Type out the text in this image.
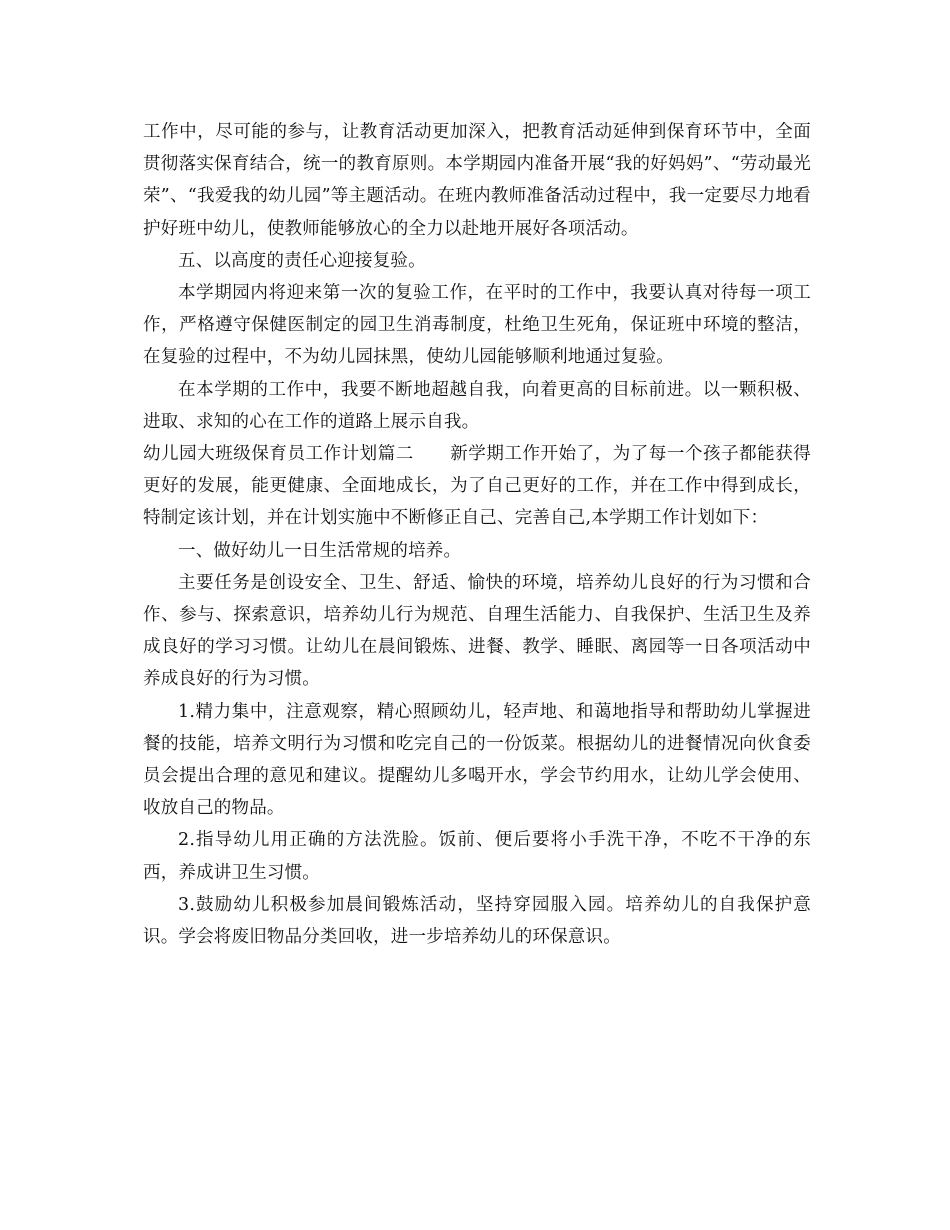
工作中，尽可能的参与，让教育活动更加深入，把教育活动延伸到保育环节中，全面贯彻落实保育结合，统一的教育原则。本学期园内准备开展“我的好妈妈”、“劳动最光荣”、“我爱我的幼儿园”等主题活动。在班内教师准备活动过程中，我一定要尽力地看护好班中幼儿，使教师能够放心的全力以赴地开展好各项活动。

五、以高度的责任心迎接复验。

本学期园内将迎来第一次的复验工作，在平时的工作中，我要认真对待每一项工作，严格遵守保健医制定的园卫生消毒制度，杜绝卫生死角，保证班中环境的整洁，在复验的过程中，不为幼儿园抹黑，使幼儿园能够顺利地通过复验。

在本学期的工作中，我要不断地超越自我，向着更高的目标前进。以一颗积极、进取、求知的心在工作的道路上展示自我。

幼儿园大班级保育员工作计划篇二 新学期工作开始了，为了每一个孩子都能获得更好的发展，能更健康、全面地成长，为了自己更好的工作，并在工作中得到成长，特制定该计划，并在计划实施中不断修正自己、完善自己,本学期工作计划如下：

一、做好幼儿一日生活常规的培养。

主要任务是创设安全、卫生、舒适、愉快的环境，培养幼儿良好的行为习惯和合作、参与、探索意识，培养幼儿行为规范、自理生活能力、自我保护、生活卫生及养成良好的学习习惯。让幼儿在晨间锻炼、进餐、教学、睡眠、离园等一日各项活动中养成良好的行为习惯。

1.精力集中，注意观察，精心照顾幼儿，轻声地、和蔼地指导和帮助幼儿掌握进餐的技能，培养文明行为习惯和吃完自己的一份饭菜。根据幼儿的进餐情况向伙食委员会提出合理的意见和建议。提醒幼儿多喝开水，学会节约用水，让幼儿学会使用、收放自己的物品。

2.指导幼儿用正确的方法洗脸。饭前、便后要将小手洗干净，不吃不干净的东西，养成讲卫生习惯。

3.鼓励幼儿积极参加晨间锻炼活动，坚持穿园服入园。培养幼儿的自我保护意识。学会将废旧物品分类回收，进一步培养幼儿的环保意识。
